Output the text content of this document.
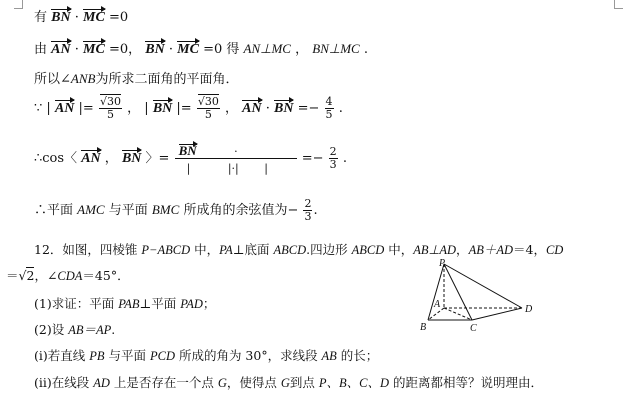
有 BN · MC =0
由 AN · MC =0， BN · MC =0 得 AN⊥MC ， BN⊥MC .
所以∠ANB为所求二面角的平面角．
∵ | AN |= $\frac{√30}{5}$ ， | BN |= $\frac{√30}{5}$ ， AN · BN =− $\frac{4}{5}$ .
∴cos〈 AN ， BN 〉= BN	·
|	|·| | =− $\frac{2}{3}$ .
∴平面 AMC 与平面 BMC 所成角的余弦值为− $\frac{2}{3}$ .
12．如图，四棱锥 P−ABCD 中，PA⊥底面 ABCD.四边形 ABCD 中，AB⊥AD，AB＋AD＝4，CD
＝√2，∠CDA＝45°．
(1)求证：平面 PAB⊥平面 PAD；
(2)设 AB＝AP.
(ⅰ)若直线 PB 与平面 PCD 所成的角为 30°，求线段 AB 的长；
(ⅱ)在线段 AD 上是否存在一个点 G，使得点 G到点 P、B、C、D 的距离都相等？说明理由．
P
A
B	C
D
